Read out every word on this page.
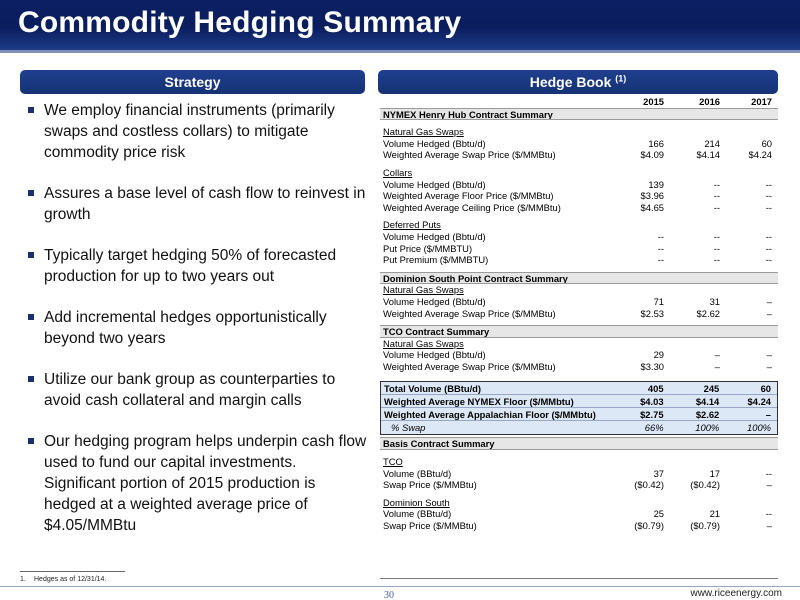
Commodity Hedging Summary
Strategy	Hedge Book $^{(1)}$
We employ financial instruments (primarily swaps and costless collars) to mitigate commodity price risk
Assures a base level of cash flow to reinvest in growth
Typically target hedging 50% of forecasted production for up to two years out
Add incremental hedges opportunistically beyond two years
Utilize our bank group as counterparties to avoid cash collateral and margin calls
Our hedging program helps underpin cash flow used to fund our capital investments. Significant portion of 2015 production is hedged at a weighted average price of $4.05/MMBtu
2015	2016	2017
NYMEX Henry Hub Contract Summary
Natural Gas Swaps
Volume Hedged (Bbtu/d)	166	214	60
Weighted Average Swap Price ($/MMBtu)	$4.09	$4.14	$4.24
Collars
Volume Hedged (Bbtu/d)	139	--	--
Weighted Average Floor Price ($/MMBtu)	$3.96	--	--
Weighted Average Ceiling Price ($/MMBtu)	$4.65	--	--
Deferred Puts
Volume Hedged (Bbtu/d)	--	--	--
Put Price ($/MMBTU)	--	--	--
Put Premium ($/MMBTU)	--	--	--
Dominion South Point Contract Summary
Natural Gas Swaps
Volume Hedged (Bbtu/d)	71	31	–
Weighted Average Swap Price ($/MMBtu)	$2.53	$2.62	–
TCO Contract Summary
Natural Gas Swaps
Volume Hedged (Bbtu/d)	29	–	–
Weighted Average Swap Price ($/MMBtu)	$3.30	–	–
Total Volume (BBtu/d)	405	245	60
Weighted Average NYMEX Floor ($/MMbtu)	$4.03	$4.14	$4.24
Weighted Average Appalachian Floor ($/MMbtu)	$2.75	$2.62	–
% Swap	66%	100%	100%
Basis Contract Summary
TCO
Volume (BBtu/d)	37	17	--
Swap Price ($/MMBtu)	($0.42)	($0.42)	–
Dominion South
Volume (BBtu/d)	25	21	--
Swap Price ($/MMBtu)	($0.79)	($0.79)	–
1. Hedges as of 12/31/14.
30	www.riceenergy.com
